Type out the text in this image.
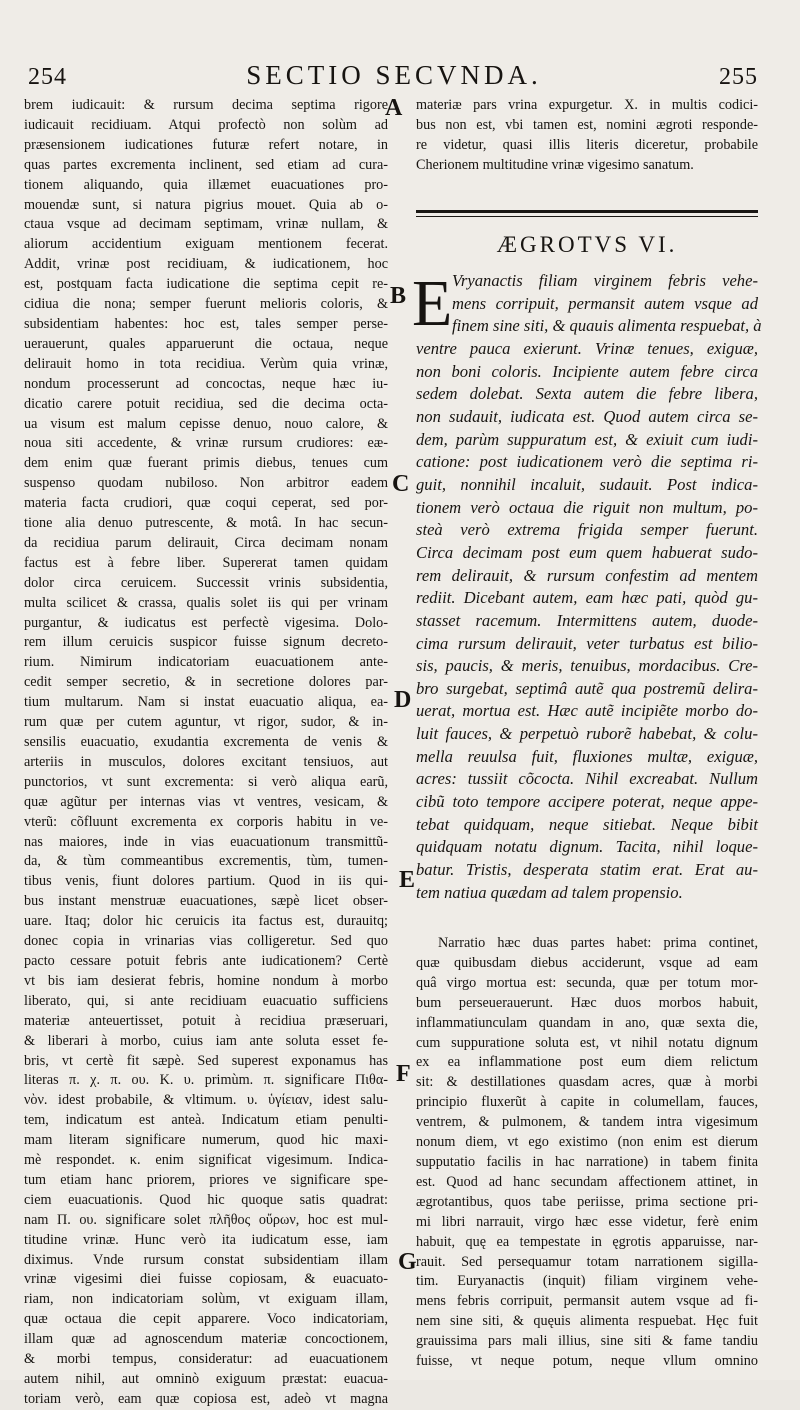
254	SECTIO SECVNDA.	255
brem iudicauit: & rursum decima septima rigore
iudicauit recidiuam. Atqui profectò non solùm ad
præsensionem iudicationes futuræ refert notare, in
quas partes excrementa inclinent, sed etiam ad cura-
tionem aliquando, quia illæmet euacuationes pro-
mouendæ sunt, si natura pigrius mouet. Quia ab o-
ctaua vsque ad decimam septimam, vrinæ nullam, &
aliorum accidentium exiguam mentionem fecerat.
Addit, vrinæ post recidiuam, & iudicationem, hoc
est, postquam facta iudicatione die septima cepit re-
cidiua die nona; semper fuerunt melioris coloris, &
subsidentiam habentes: hoc est, tales semper perse-
uerauerunt, quales apparuerunt die octaua, neque
delirauit homo in tota recidiua. Verùm quia vrinæ,
nondum processerunt ad concoctas, neque hæc iu-
dicatio carere potuit recidiua, sed die decima octa-
ua visum est malum cepisse denuo, nouo calore, &
noua siti accedente, & vrinæ rursum crudiores: eæ-
dem enim quæ fuerant primis diebus, tenues cum
suspenso quodam nubiloso. Non arbitror eadem
materia facta crudiori, quæ coqui ceperat, sed por-
tione alia denuo putrescente, & motâ. In hac secun-
da recidiua parum delirauit, Circa decimam nonam
factus est à febre liber. Supererat tamen quidam
dolor circa ceruicem. Successit vrinis subsidentia,
multa scilicet & crassa, qualis solet iis qui per vrinam
purgantur, & iudicatus est perfectè vigesima. Dolo-
rem illum ceruicis suspicor fuisse signum decreto-
rium. Nimirum indicatoriam euacuationem ante-
cedit semper secretio, & in secretione dolores par-
tium multarum. Nam si instat euacuatio aliqua, ea-
rum quæ per cutem aguntur, vt rigor, sudor, & in-
sensilis euacuatio, exudantia excrementa de venis &
arteriis in musculos, dolores excitant tensiuos, aut
punctorios, vt sunt excrementa: si verò aliqua earũ,
quæ agũtur per internas vias vt ventres, vesicam, &
vterũ: cõfluunt excrementa ex corporis habitu in ve-
nas maiores, inde in vias euacuationum transmittũ-
da, & tùm commeantibus excrementis, tùm, tumen-
tibus venis, fiunt dolores partium. Quod in iis qui-
bus instant menstruæ euacuationes, sæpè licet obser-
uare. Itaq; dolor hic ceruicis ita factus est, durauitq;
donec copia in vrinarias vias colligeretur. Sed quo
pacto cessare potuit febris ante iudicationem? Certè
vt bis iam desierat febris, homine nondum à morbo
liberato, qui, si ante recidiuam euacuatio sufficiens
materiæ anteuertisset, potuit à recidiua præseruari,
& liberari à morbo, cuius iam ante soluta esset fe-
bris, vt certè fit sæpè. Sed superest exponamus has
literas π. χ. π. ου. Κ. υ. primùm. π. significare Πιθα-
νὸν. idest probabile, & vltimum. υ. ὑγίειαν, idest salu-
tem, indicatum est anteà. Indicatum etiam penulti-
mam literam significare numerum, quod hic maxi-
mè respondet. κ. enim significat vigesimum. Indica-
tum etiam hanc priorem, priores ve significare spe-
ciem euacuationis. Quod hic quoque satis quadrat:
nam Π. ου. significare solet πλῆθος οὔρων, hoc est mul-
titudine vrinæ. Hunc verò ita iudicatum esse, iam
diximus. Vnde rursum constat subsidentiam illam
vrinæ vigesimi diei fuisse copiosam, & euacuato-
riam, non indicatoriam solùm, vt exiguam illam,
quæ octaua die cepit apparere. Voco indicatoriam,
illam quæ ad agnoscendum materiæ concoctionem,
& morbi tempus, consideratur: ad euacuationem
autem nihil, aut omninò exiguum præstat: euacua-
toriam verò, eam quæ copiosa est, adeò vt magna
A
B
C
D
E
F
G
materiæ pars vrina expurgetur. X. in multis codici-
bus non est, vbi tamen est, nomini ægroti responde-
re videtur, quasi illis literis diceretur, probabile
Cherionem multitudine vrinæ vigesimo sanatum.
ÆGROTVS VI.
E Vryanactis filiam virginem febris vehe-
mens corripuit, permansit autem vsque ad
finem sine siti, & quauis alimenta respuebat, à
ventre pauca exierunt. Vrinæ tenues, exiguæ,
non boni coloris. Incipiente autem febre circa
sedem dolebat. Sexta autem die febre libera,
non sudauit, iudicata est. Quod autem circa se-
dem, parùm suppuratum est, & exiuit cum iudi-
catione: post iudicationem verò die septima ri-
guit, nonnihil incaluit, sudauit. Post indica-
tionem verò octaua die riguit non multum, po-
steà verò extrema frigida semper fuerunt.
Circa decimam post eum quem habuerat sudo-
rem delirauit, & rursum confestim ad mentem
rediit. Dicebant autem, eam hæc pati, quòd gu-
stasset racemum. Intermittens autem, duode-
cima rursum delirauit, veter turbatus est bilio-
sis, paucis, & meris, tenuibus, mordacibus. Cre-
bro surgebat, septimâ autẽ qua postremũ delira-
uerat, mortua est. Hæc autẽ incipiẽte morbo do-
luit fauces, & perpetuò ruborẽ habebat, & colu-
mella reuulsa fuit, fluxiones multæ, exiguæ,
acres: tussiit cõcocta. Nihil excreabat. Nullum
cibũ toto tempore accipere poterat, neque appe-
tebat quidquam, neque sitiebat. Neque bibit
quidquam notatu dignum. Tacita, nihil loque-
batur. Tristis, desperata statim erat. Erat au-
tem natiua quædam ad talem propensio.
Narratio hæc duas partes habet: prima continet,
quæ quibusdam diebus acciderunt, vsque ad eam
quâ virgo mortua est: secunda, quæ per totum mor-
bum perseuerauerunt. Hæc duos morbos habuit,
inflammatiunculam quandam in ano, quæ sexta die,
cum suppuratione soluta est, vt nihil notatu dignum
ex ea inflammatione post eum diem relictum
sit: & destillationes quasdam acres, quæ à morbi
principio fluxerũt à capite in columellam, fauces,
ventrem, & pulmonem, & tandem intra vigesimum
nonum diem, vt ego existimo (non enim est dierum
supputatio facilis in hac narratione) in tabem finita
est. Quod ad hanc secundam affectionem attinet, in
ægrotantibus, quos tabe periisse, prima sectione pri-
mi libri narrauit, virgo hæc esse videtur, ferè enim
habuit, quę ea tempestate in ęgrotis apparuisse, nar-
rauit. Sed persequamur totam narrationem sigilla-
tim. Euryanactis (inquit) filiam virginem vehe-
mens febris corripuit, permansit autem vsque ad fi-
nem sine siti, & quęuis alimenta respuebat. Hęc fuit
grauissima pars mali illius, sine siti & fame tandiu
fuisse, vt neque potum, neque vllum omnino
